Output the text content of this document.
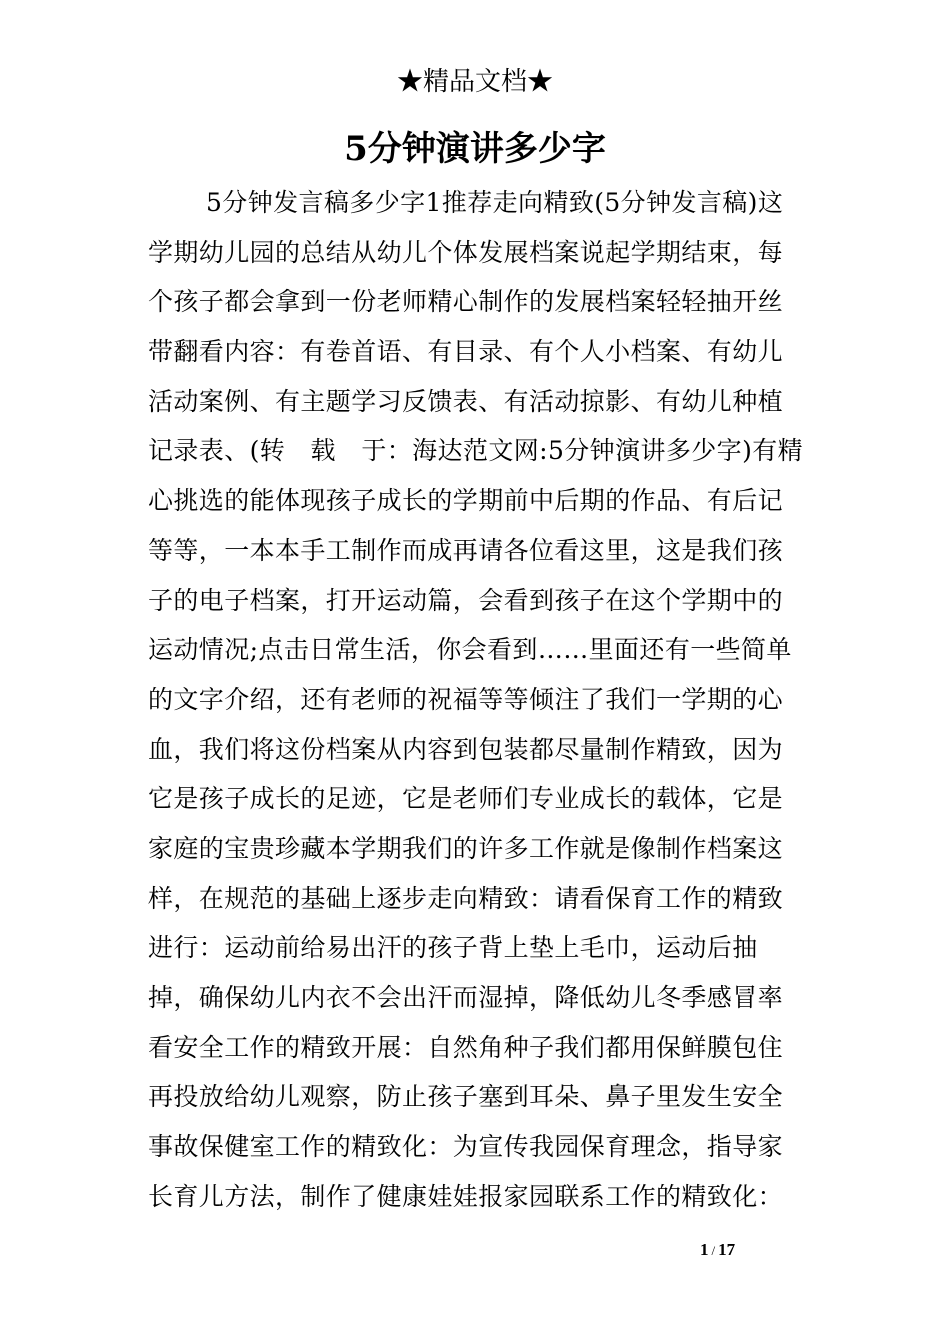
★精品文档★
5分钟演讲多少字
5分钟发言稿多少字1推荐走向精致(5分钟发言稿)这
学期幼儿园的总结从幼儿个体发展档案说起学期结束，每
个孩子都会拿到一份老师精心制作的发展档案轻轻抽开丝
带翻看内容：有卷首语、有目录、有个人小档案、有幼儿
活动案例、有主题学习反馈表、有活动掠影、有幼儿种植
记录表、(转　载　于：海达范文网:5分钟演讲多少字)有精
心挑选的能体现孩子成长的学期前中后期的作品、有后记
等等，一本本手工制作而成再请各位看这里，这是我们孩
子的电子档案，打开运动篇，会看到孩子在这个学期中的
运动情况;点击日常生活，你会看到……里面还有一些简单
的文字介绍，还有老师的祝福等等倾注了我们一学期的心
血，我们将这份档案从内容到包装都尽量制作精致，因为
它是孩子成长的足迹，它是老师们专业成长的载体，它是
家庭的宝贵珍藏本学期我们的许多工作就是像制作档案这
样，在规范的基础上逐步走向精致：请看保育工作的精致
进行：运动前给易出汗的孩子背上垫上毛巾，运动后抽
掉，确保幼儿内衣不会出汗而湿掉，降低幼儿冬季感冒率
看安全工作的精致开展：自然角种子我们都用保鲜膜包住
再投放给幼儿观察，防止孩子塞到耳朵、鼻子里发生安全
事故保健室工作的精致化：为宣传我园保育理念，指导家
长育儿方法，制作了健康娃娃报家园联系工作的精致化：
1 / 17
